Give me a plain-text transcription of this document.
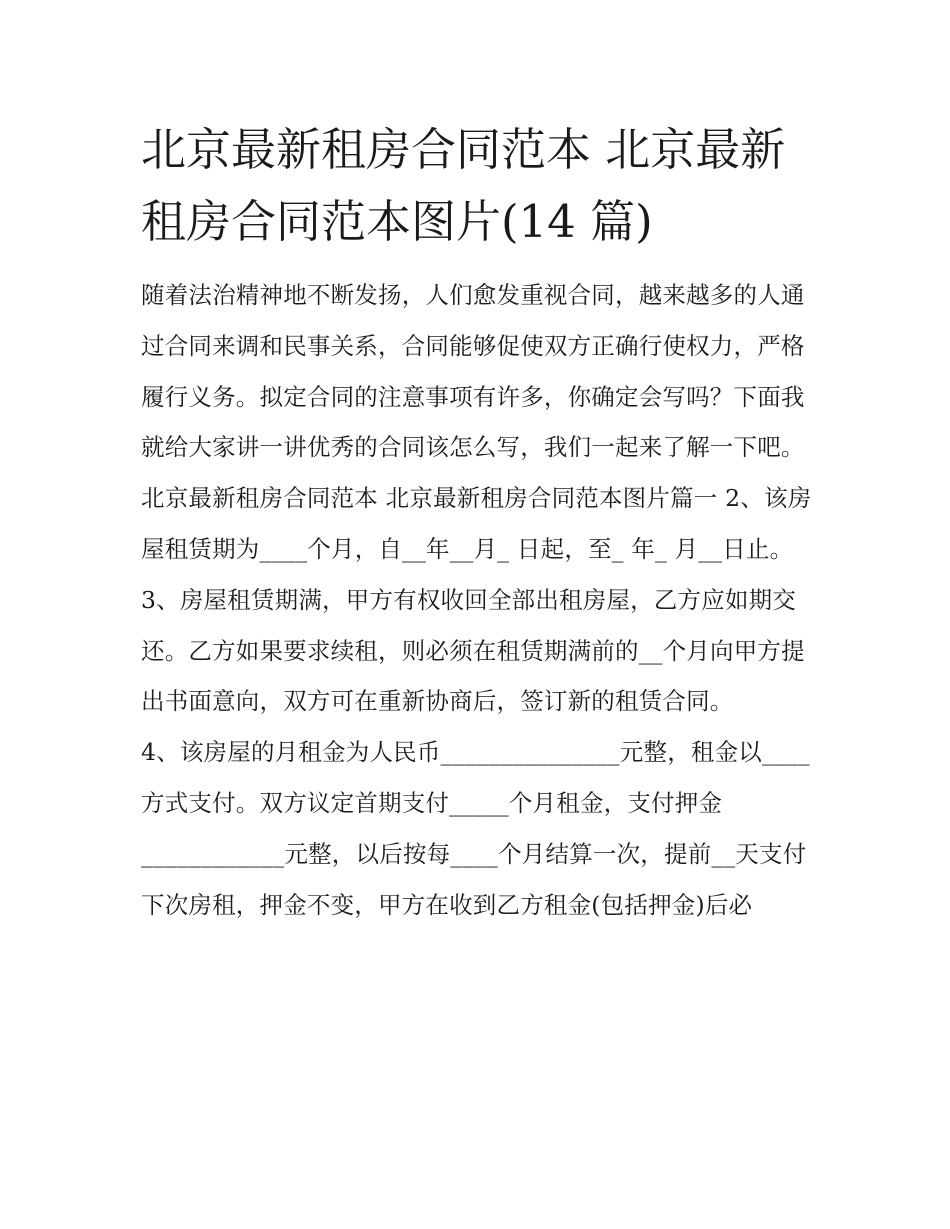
北京最新租房合同范本 北京最新租房合同范本图片(14 篇)

随着法治精神地不断发扬，人们愈发重视合同，越来越多的人通过合同来调和民事关系，合同能够促使双方正确行使权力，严格履行义务。拟定合同的注意事项有许多，你确定会写吗？下面我就给大家讲一讲优秀的合同该怎么写，我们一起来了解一下吧。

北京最新租房合同范本 北京最新租房合同范本图片篇一 2、该房屋租赁期为____个月，自__年__月_ 日起，至_ 年_ 月__日止。

3、房屋租赁期满，甲方有权收回全部出租房屋，乙方应如期交还。乙方如果要求续租，则必须在租赁期满前的__个月向甲方提出书面意向，双方可在重新协商后，签订新的租赁合同。

4、该房屋的月租金为人民币_______________元整，租金以____方式支付。双方议定首期支付_____个月租金，支付押金____________元整，以后按每____个月结算一次，提前__天支付下次房租，押金不变，甲方在收到乙方租金(包括押金)后必
